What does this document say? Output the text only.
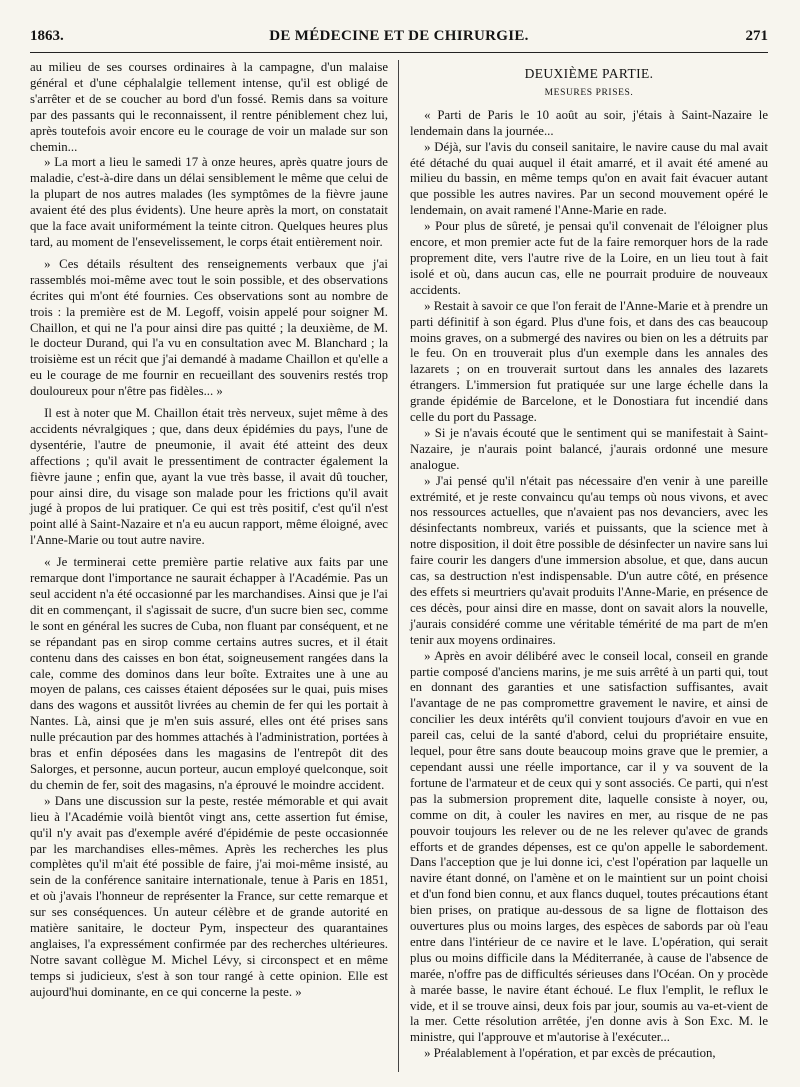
1863.	DE MÉDECINE ET DE CHIRURGIE.	271

au milieu de ses courses ordinaires à la campagne, d'un malaise général et d'une céphalalgie tellement intense, qu'il est obligé de s'arrêter et de se coucher au bord d'un fossé. Remis dans sa voiture par des passants qui le reconnaissent, il rentre péniblement chez lui, après toutefois avoir encore eu le courage de voir un malade sur son chemin...

» La mort a lieu le samedi 17 à onze heures, après quatre jours de maladie, c'est-à-dire dans un délai sensiblement le même que celui de la plupart de nos autres malades (les symptômes de la fièvre jaune avaient été des plus évidents). Une heure après la mort, on constatait que la face avait uniformément la teinte citron. Quelques heures plus tard, au moment de l'ensevelissement, le corps était entièrement noir.

» Ces détails résultent des renseignements verbaux que j'ai rassemblés moi-même avec tout le soin possible, et des observations écrites qui m'ont été fournies. Ces observations sont au nombre de trois : la première est de M. Legoff, voisin appelé pour soigner M. Chaillon, et qui ne l'a pour ainsi dire pas quitté ; la deuxième, de M. le docteur Durand, qui l'a vu en consultation avec M. Blanchard ; la troisième est un récit que j'ai demandé à madame Chaillon et qu'elle a eu le courage de me fournir en recueillant des souvenirs restés trop douloureux pour n'être pas fidèles... »

Il est à noter que M. Chaillon était très nerveux, sujet même à des accidents névralgiques ; que, dans deux épidémies du pays, l'une de dysentérie, l'autre de pneumonie, il avait été atteint des deux affections ; qu'il avait le pressentiment de contracter également la fièvre jaune ; enfin que, ayant la vue très basse, il avait dû toucher, pour ainsi dire, du visage son malade pour les frictions qu'il avait jugé à propos de lui pratiquer. Ce qui est très positif, c'est qu'il n'est point allé à Saint-Nazaire et n'a eu aucun rapport, même éloigné, avec l'Anne-Marie ou tout autre navire.

« Je terminerai cette première partie relative aux faits par une remarque dont l'importance ne saurait échapper à l'Académie. Pas un seul accident n'a été occasionné par les marchandises. Ainsi que je l'ai dit en commençant, il s'agissait de sucre, d'un sucre bien sec, comme le sont en général les sucres de Cuba, non fluant par conséquent, et ne se répandant pas en sirop comme certains autres sucres, et il était contenu dans des caisses en bon état, soigneusement rangées dans la cale, comme des dominos dans leur boîte. Extraites une à une au moyen de palans, ces caisses étaient déposées sur le quai, puis mises dans des wagons et aussitôt livrées au chemin de fer qui les portait à Nantes. Là, ainsi que je m'en suis assuré, elles ont été prises sans nulle précaution par des hommes attachés à l'administration, portées à bras et enfin déposées dans les magasins de l'entrepôt dit des Salorges, et personne, aucun porteur, aucun employé quelconque, soit du chemin de fer, soit des magasins, n'a éprouvé le moindre accident.

» Dans une discussion sur la peste, restée mémorable et qui avait lieu à l'Académie voilà bientôt vingt ans, cette assertion fut émise, qu'il n'y avait pas d'exemple avéré d'épidémie de peste occasionnée par les marchandises elles-mêmes. Après les recherches les plus complètes qu'il m'ait été possible de faire, j'ai moi-même insisté, au sein de la conférence sanitaire internationale, tenue à Paris en 1851, et où j'avais l'honneur de représenter la France, sur cette remarque et sur ses conséquences. Un auteur célèbre et de grande autorité en matière sanitaire, le docteur Pym, inspecteur des quarantaines anglaises, l'a expressément confirmée par des recherches ultérieures. Notre savant collègue M. Michel Lévy, si circonspect et en même temps si judicieux, s'est à son tour rangé à cette opinion. Elle est aujourd'hui dominante, en ce qui concerne la peste. »

DEUXIÈME PARTIE.
MESURES PRISES.

« Parti de Paris le 10 août au soir, j'étais à Saint-Nazaire le lendemain dans la journée...

» Déjà, sur l'avis du conseil sanitaire, le navire cause du mal avait été détaché du quai auquel il était amarré, et il avait été amené au milieu du bassin, en même temps qu'on en avait fait évacuer autant que possible les autres navires. Par un second mouvement opéré le lendemain, on avait ramené l'Anne-Marie en rade.

» Pour plus de sûreté, je pensai qu'il convenait de l'éloigner plus encore, et mon premier acte fut de la faire remorquer hors de la rade proprement dite, vers l'autre rive de la Loire, en un lieu tout à fait isolé et où, dans aucun cas, elle ne pourrait produire de nouveaux accidents.

» Restait à savoir ce que l'on ferait de l'Anne-Marie et à prendre un parti définitif à son égard. Plus d'une fois, et dans des cas beaucoup moins graves, on a submergé des navires ou bien on les a détruits par le feu. On en trouverait plus d'un exemple dans les annales des lazarets ; on en trouverait surtout dans les annales des lazarets étrangers. L'immersion fut pratiquée sur une large échelle dans la grande épidémie de Barcelone, et le Donostiara fut incendié dans celle du port du Passage.

» Si je n'avais écouté que le sentiment qui se manifestait à Saint-Nazaire, je n'aurais point balancé, j'aurais ordonné une mesure analogue.

» J'ai pensé qu'il n'était pas nécessaire d'en venir à une pareille extrémité, et je reste convaincu qu'au temps où nous vivons, et avec nos ressources actuelles, que n'avaient pas nos devanciers, avec les désinfectants nombreux, variés et puissants, que la science met à notre disposition, il doit être possible de désinfecter un navire sans lui faire courir les dangers d'une immersion absolue, et que, dans aucun cas, sa destruction n'est indispensable. D'un autre côté, en présence des effets si meurtriers qu'avait produits l'Anne-Marie, en présence de ces décès, pour ainsi dire en masse, dont on savait alors la nouvelle, j'aurais considéré comme une véritable témérité de ma part de m'en tenir aux moyens ordinaires.

» Après en avoir délibéré avec le conseil local, conseil en grande partie composé d'anciens marins, je me suis arrêté à un parti qui, tout en donnant des garanties et une satisfaction suffisantes, avait l'avantage de ne pas compromettre gravement le navire, et ainsi de concilier les deux intérêts qu'il convient toujours d'avoir en vue en pareil cas, celui de la santé d'abord, celui du propriétaire ensuite, lequel, pour être sans doute beaucoup moins grave que le premier, a cependant aussi une réelle importance, car il y va souvent de la fortune de l'armateur et de ceux qui y sont associés. Ce parti, qui n'est pas la submersion proprement dite, laquelle consiste à noyer, ou, comme on dit, à couler les navires en mer, au risque de ne pas pouvoir toujours les relever ou de ne les relever qu'avec de grands efforts et de grandes dépenses, est ce qu'on appelle le sabordement. Dans l'acception que je lui donne ici, c'est l'opération par laquelle un navire étant donné, on l'amène et on le maintient sur un point choisi et d'un fond bien connu, et aux flancs duquel, toutes précautions étant bien prises, on pratique au-dessous de sa ligne de flottaison des ouvertures plus ou moins larges, des espèces de sabords par où l'eau entre dans l'intérieur de ce navire et le lave. L'opération, qui serait plus ou moins difficile dans la Méditerranée, à cause de l'absence de marée, n'offre pas de difficultés sérieuses dans l'Océan. On y procède à marée basse, le navire étant échoué. Le flux l'emplit, le reflux le vide, et il se trouve ainsi, deux fois par jour, soumis au va-et-vient de la mer. Cette résolution arrêtée, j'en donne avis à Son Exc. M. le ministre, qui l'approuve et m'autorise à l'exécuter...

» Préalablement à l'opération, et par excès de précaution,
